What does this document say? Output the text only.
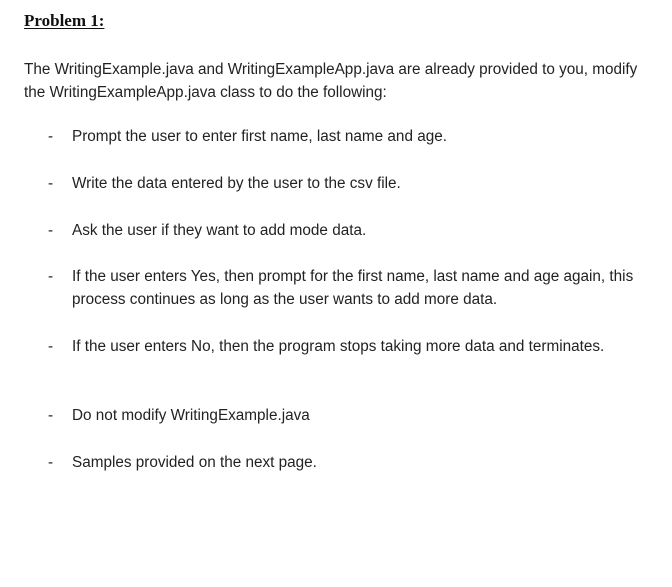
Problem 1:
The WritingExample.java and WritingExampleApp.java are already provided to you, modify the WritingExampleApp.java class to do the following:
- Prompt the user to enter first name, last name and age.
- Write the data entered by the user to the csv file.
- Ask the user if they want to add mode data.
- If the user enters Yes, then prompt for the first name, last name and age again, this process continues as long as the user wants to add more data.
- If the user enters No, then the program stops taking more data and terminates.
- Do not modify WritingExample.java
- Samples provided on the next page.
